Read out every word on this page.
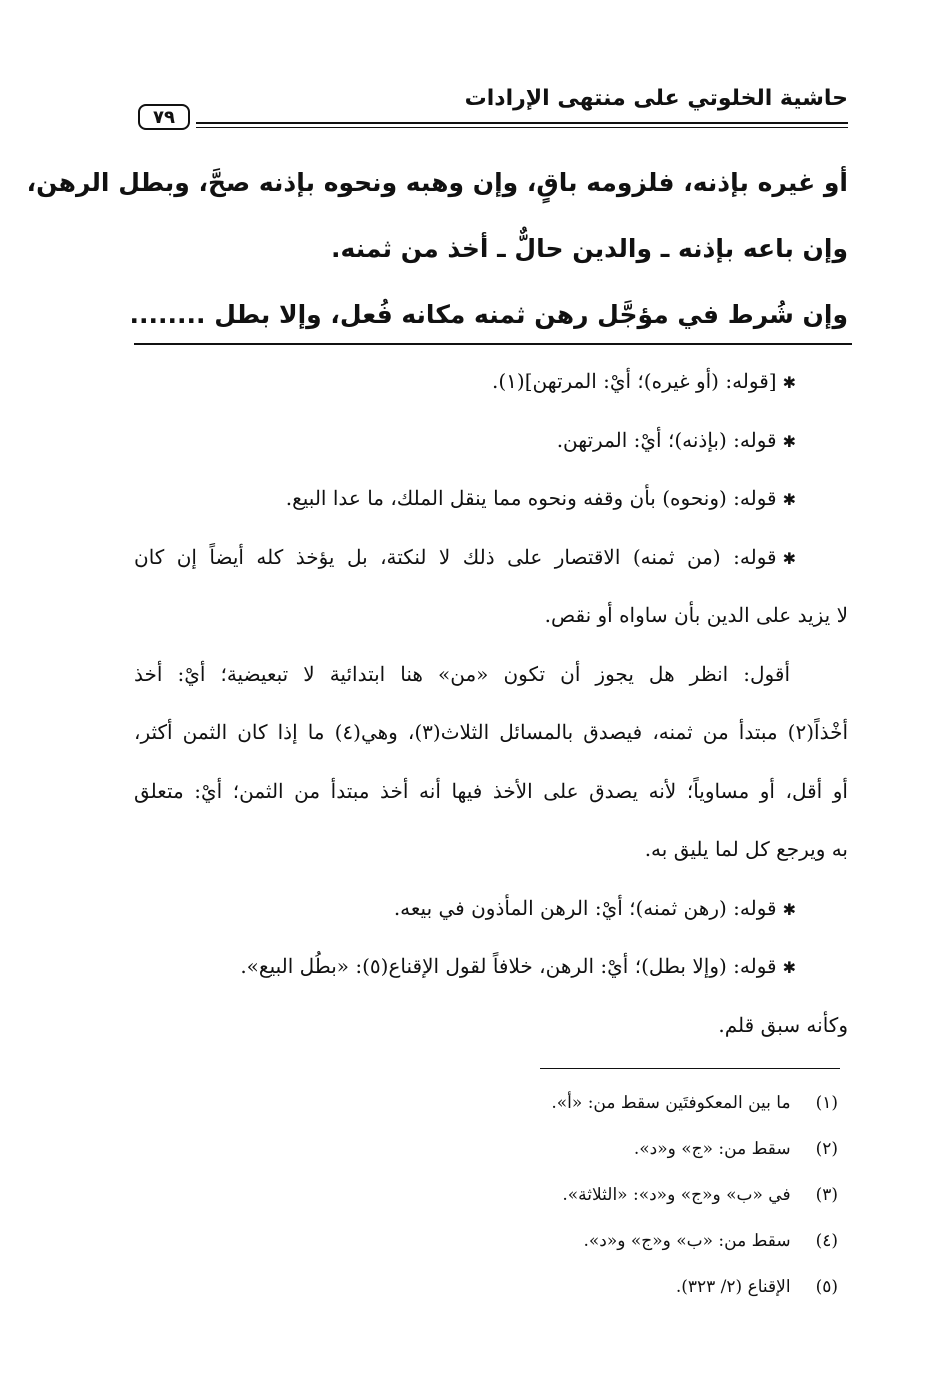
حاشية الخلوتي على منتهى الإرادات
٧٩
أو غيره بإذنه، فلزومه باقٍ، وإن وهبه ونحوه بإذنه صحَّ، وبطل الرهن،
وإن باعه بإذنه ـ والدين حالٌّ ـ أخذ من ثمنه.
وإن شُرط في مؤجَّل رهن ثمنه مكانه فُعل، وإلا بطل ........
✱[قوله: (أو غيره)؛ أيْ: المرتهن](١).
✱قوله: (بإذنه)؛ أيْ: المرتهن.
✱قوله: (ونحوه) بأن وقفه ونحوه مما ينقل الملك، ما عدا البيع.
✱قوله: (من ثمنه) الاقتصار على ذلك لا لنكتة، بل يؤخذ كله أيضاً إن كان
لا يزيد على الدين بأن ساواه أو نقص.
أقول: انظر هل يجوز أن تكون «من» هنا ابتدائية لا تبعيضية؛ أيْ: أخذ
أخْذاً(٢) مبتدأ من ثمنه، فيصدق بالمسائل الثلاث(٣)، وهي(٤) ما إذا كان الثمن أكثر،
أو أقل، أو مساوياً؛ لأنه يصدق على الأخذ فيها أنه أخذ مبتدأ من الثمن؛ أيْ: متعلق
به ويرجع كل لما يليق به.
✱قوله: (رهن ثمنه)؛ أيْ: الرهن المأذون في بيعه.
✱قوله: (وإلا بطل)؛ أيْ: الرهن، خلافاً لقول الإقناع(٥): «بطُل البيع».
وكأنه سبق قلم.
(١) ما بين المعكوفتَين سقط من: «أ».
(٢) سقط من: «ج» و«د».
(٣) في «ب» و«ج» و«د»: «الثلاثة».
(٤) سقط من: «ب» و«ج» و«د».
(٥) الإقناع (٢/ ٣٢٣).
